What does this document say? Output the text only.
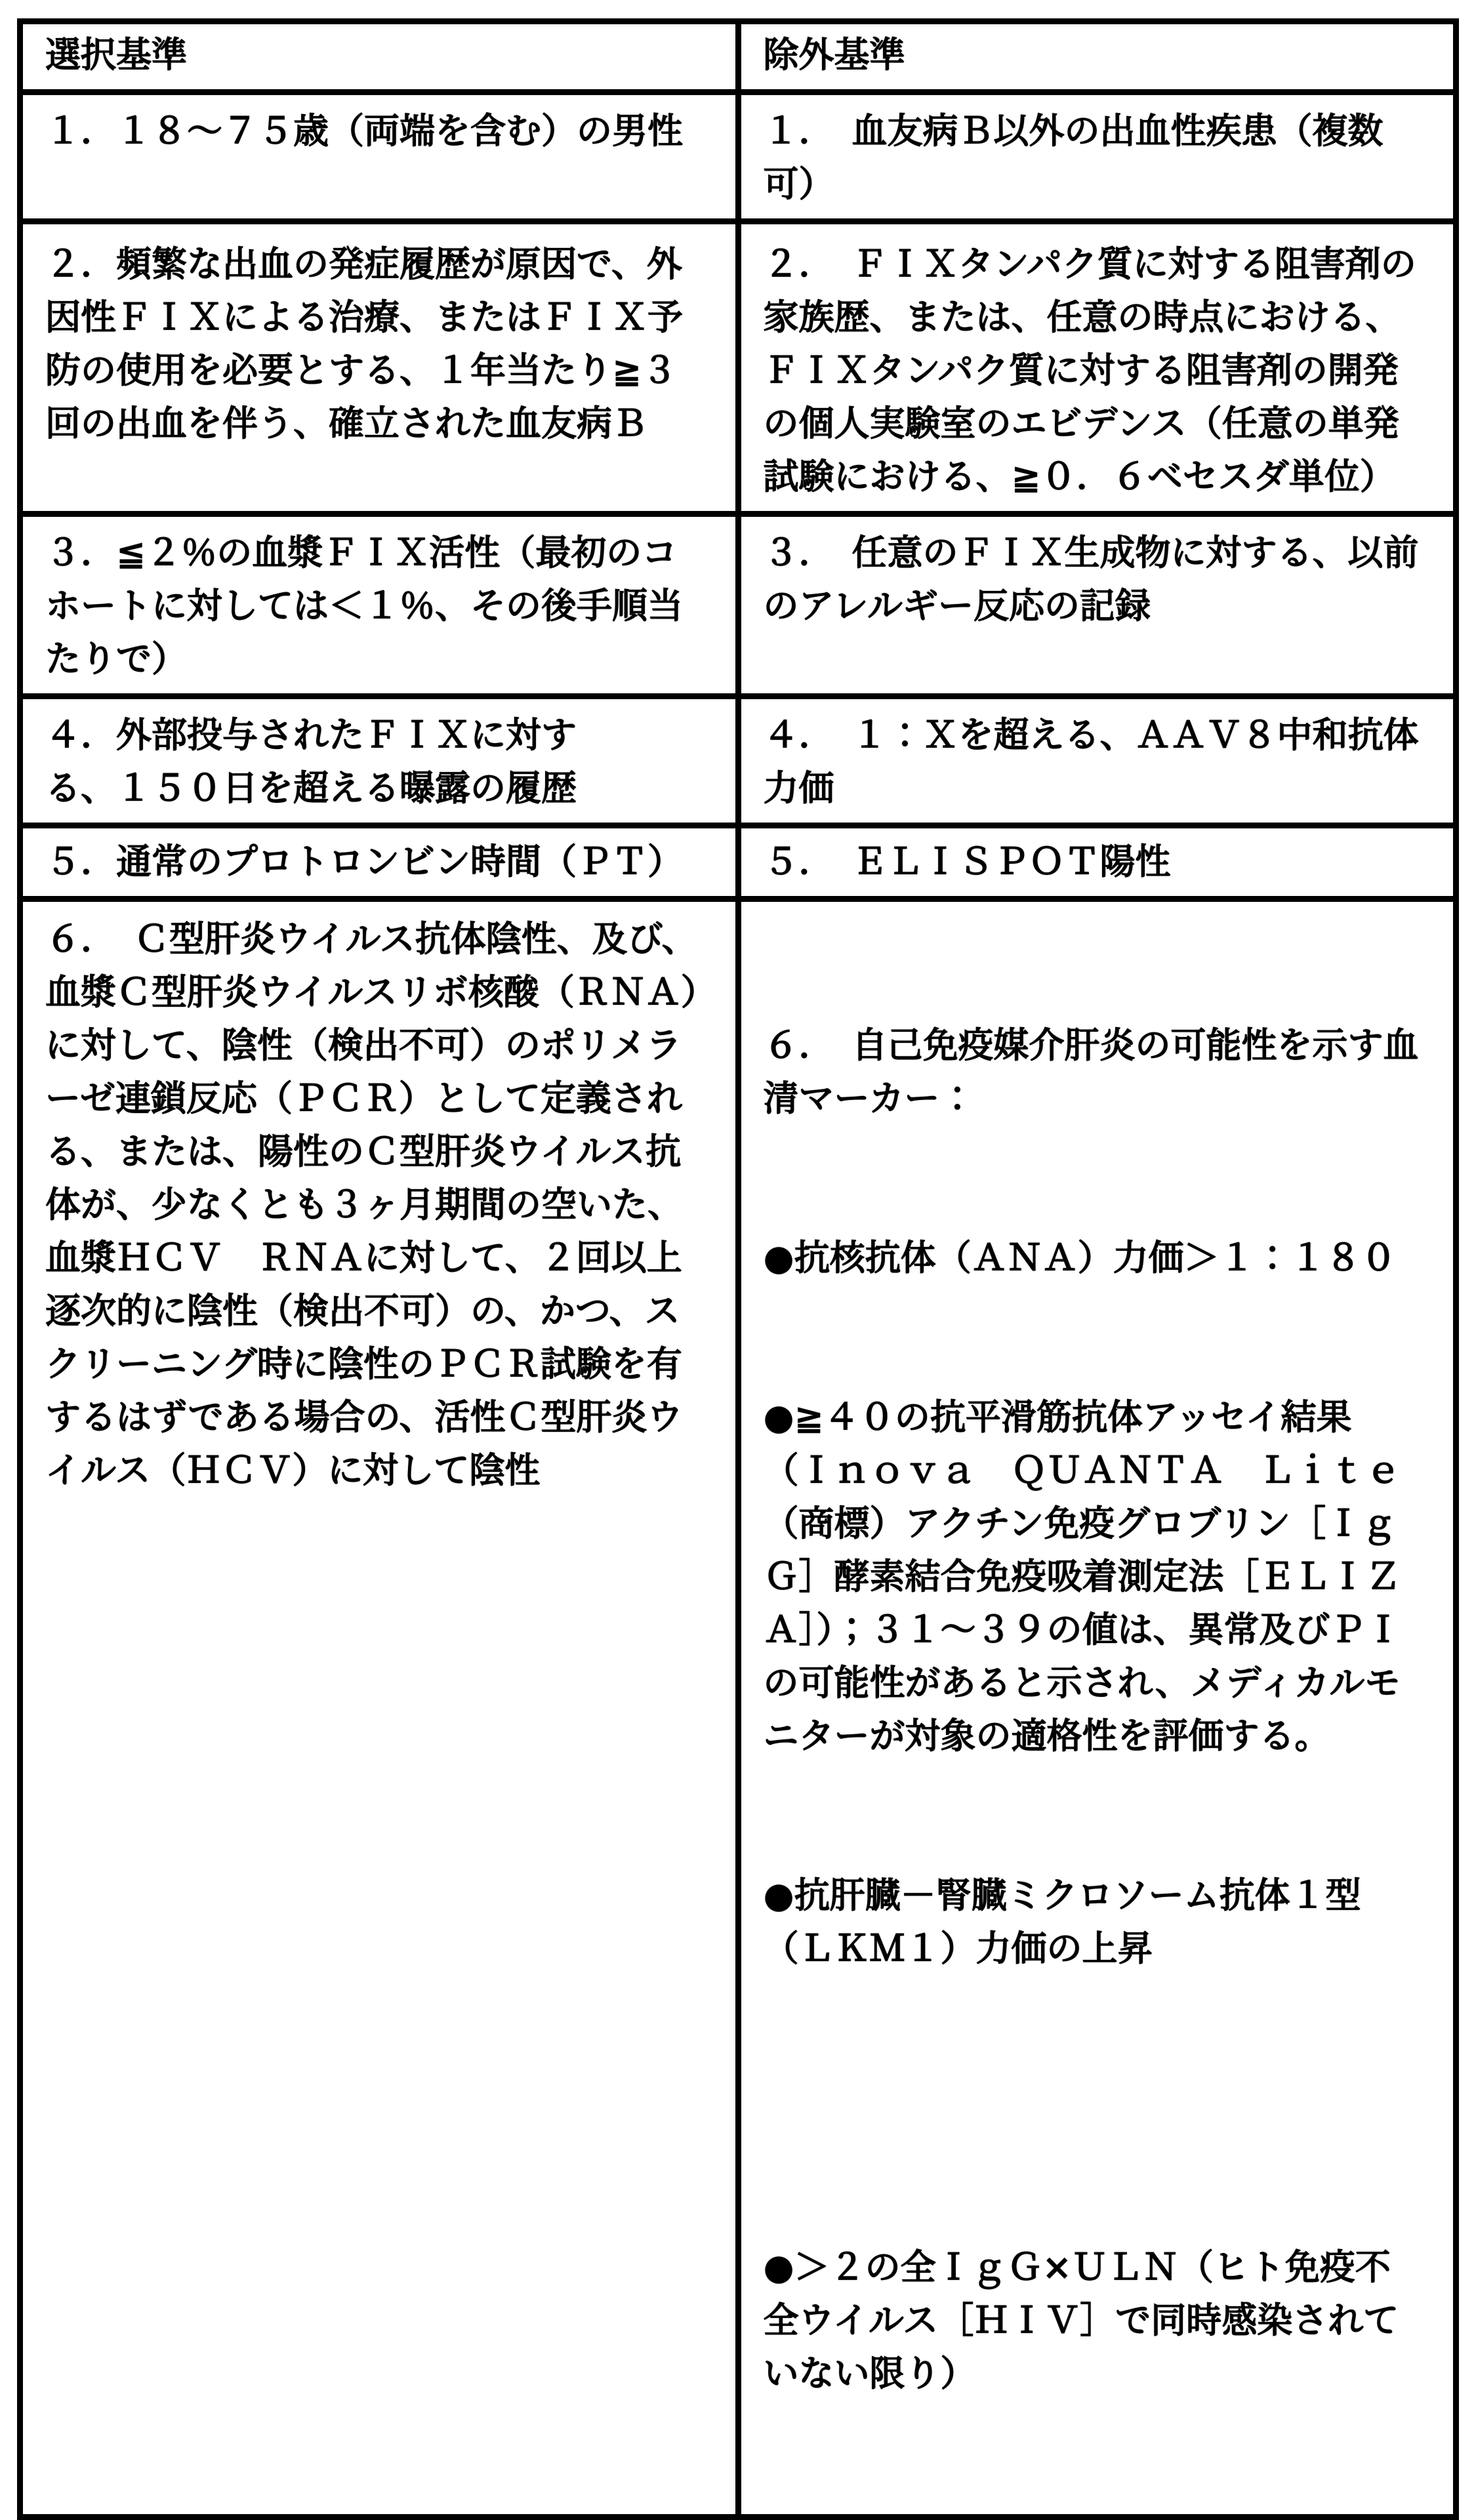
選択基準	除外基準
１．１８～７５歳（両端を含む）の男性	１．　血友病Ｂ以外の出血性疾患（複数可）
２．頻繁な出血の発症履歴が原因で、外因性ＦＩＸによる治療、またはＦＩＸ予防の使用を必要とする、１年当たり≧３回の出血を伴う、確立された血友病Ｂ	２．　ＦＩＸタンパク質に対する阻害剤の家族歴、または、任意の時点における、ＦＩＸタンパク質に対する阻害剤の開発の個人実験室のエビデンス（任意の単発試験における、≧０．６ベセスダ単位）
３．≦２％の血漿ＦＩＸ活性（最初のコホートに対しては＜１％、その後手順当たりで）	３．　任意のＦＩＸ生成物に対する、以前のアレルギー反応の記録
４．外部投与されたＦＩＸに対す
る、１５０日を超える曝露の履歴	４．　１：Ｘを超える、ＡＡＶ８中和抗体力価
５．通常のプロトロンビン時間（ＰＴ）	５．　ＥＬＩＳＰＯＴ陽性
６．　Ｃ型肝炎ウイルス抗体陰性、及び、血漿Ｃ型肝炎ウイルスリボ核酸（ＲＮＡ）に対して、陰性（検出不可）のポリメラーゼ連鎖反応（ＰＣＲ）として定義される、または、陽性のＣ型肝炎ウイルス抗体が、少なくとも３ヶ月期間の空いた、血漿ＨＣＶ　ＲＮＡに対して、２回以上逐次的に陰性（検出不可）の、かつ、スクリーニング時に陰性のＰＣＲ試験を有するはずである場合の、活性Ｃ型肝炎ウイルス（ＨＣＶ）に対して陰性	６．　自己免疫媒介肝炎の可能性を示す血清マーカー：

●抗核抗体（ＡＮＡ）力価＞１：１８０

●≧４０の抗平滑筋抗体アッセイ結果（Ｉｎｏｖａ　ＱＵＡＮＴＡ　Ｌｉｔｅ（商標）アクチン免疫グロブリン［ＩｇＧ］酵素結合免疫吸着測定法［ＥＬＩＺＡ］）；３１～３９の値は、異常及びＰＩの可能性があると示され、メディカルモニターが対象の適格性を評価する。

●抗肝臓－腎臓ミクロソーム抗体１型（ＬＫＭ１）力価の上昇

●＞２の全ＩｇＧ×ＵＬＮ（ヒト免疫不全ウイルス［ＨＩＶ］で同時感染されていない限り）
